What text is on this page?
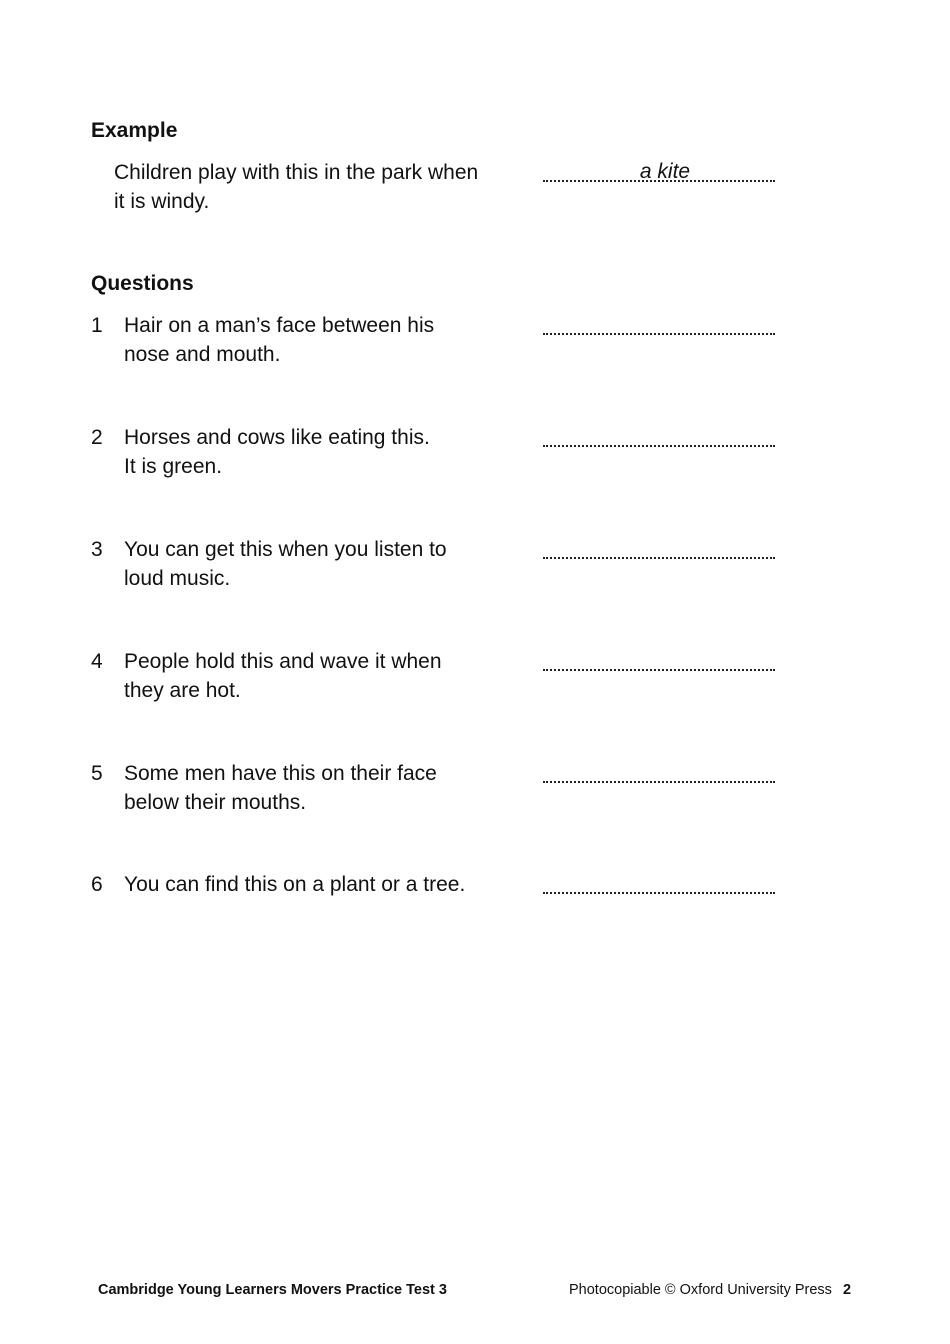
Example
Children play with this in the park when
it is windy.
a kite
Questions
1 Hair on a man’s face between his
nose and mouth.
2 Horses and cows like eating this.
It is green.
3 You can get this when you listen to
loud music.
4 People hold this and wave it when
they are hot.
5 Some men have this on their face
below their mouths.
6 You can find this on a plant or a tree.
Cambridge Young Learners Movers Practice Test 3	Photocopiable © Oxford University Press 2
